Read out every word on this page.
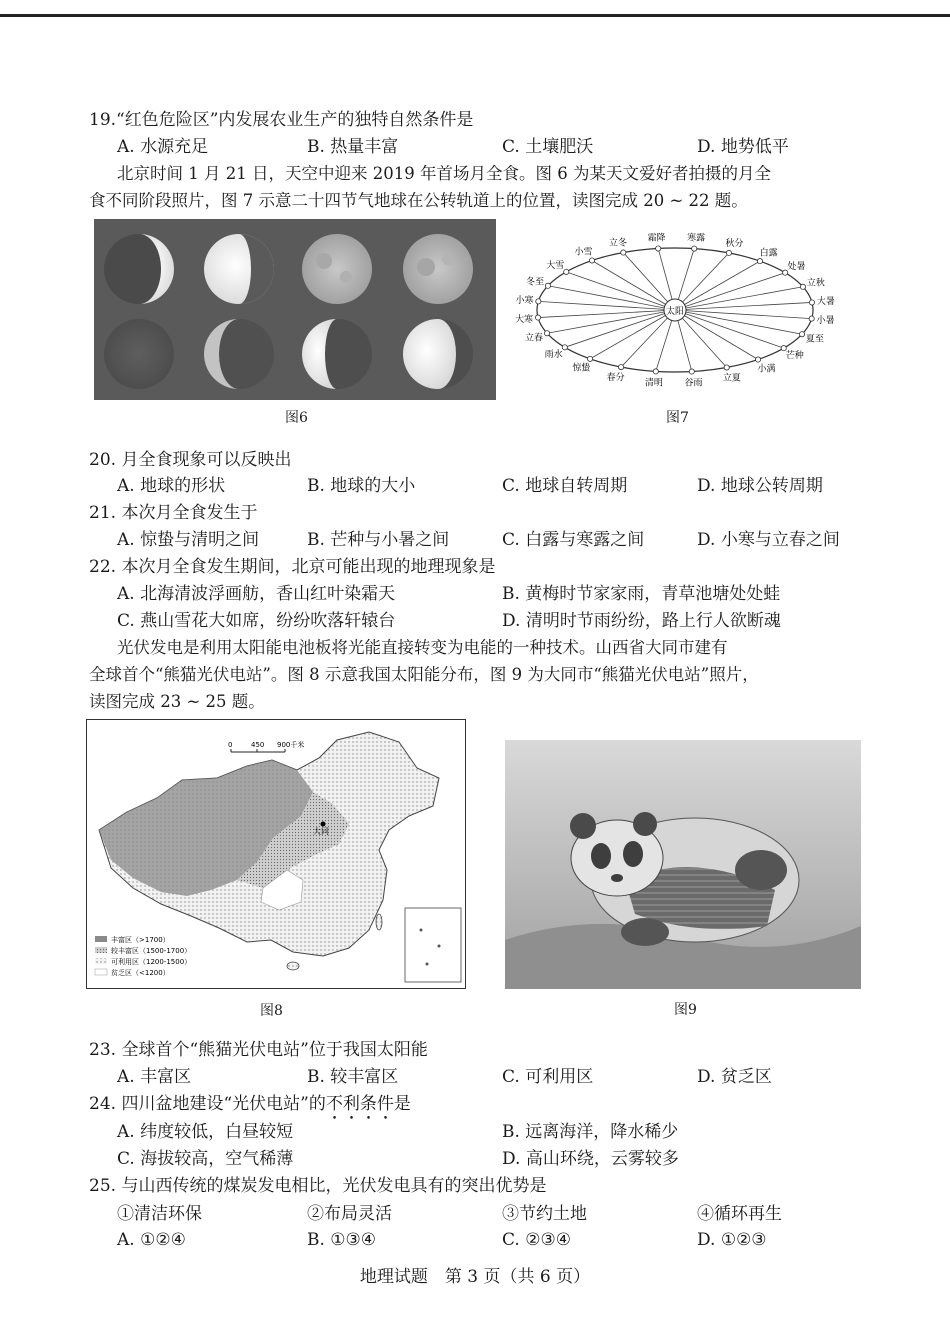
19.“红色危险区”内发展农业生产的独特自然条件是
A. 水源充足	B. 热量丰富	C. 土壤肥沃	D. 地势低平
北京时间 1 月 21 日，天空中迎来 2019 年首场月全食。图 6 为某天文爱好者拍摄的月全
食不同阶段照片，图 7 示意二十四节气地球在公转轨道上的位置，读图完成 20 ~ 22 题。
图6
太阳
立冬 霜降 寒露
秋分
白露
处暑
立秋
大暑
小暑
夏至
芒种
小满
立夏
谷雨
清明
春分
惊蛰
雨水
立春
大寒
小寒
冬至
大雪
小雪
图7
20. 月全食现象可以反映出
A. 地球的形状	B. 地球的大小	C. 地球自转周期	D. 地球公转周期
21. 本次月全食发生于
A. 惊蛰与清明之间	B. 芒种与小暑之间	C. 白露与寒露之间	D. 小寒与立春之间
22. 本次月全食发生期间，北京可能出现的地理现象是
A. 北海清波浮画舫，香山红叶染霜天	B. 黄梅时节家家雨，青草池塘处处蛙
C. 燕山雪花大如席，纷纷吹落轩辕台	D. 清明时节雨纷纷，路上行人欲断魂
光伏发电是利用太阳能电池板将光能直接转变为电能的一种技术。山西省大同市建有
全球首个“熊猫光伏电站”。图 8 示意我国太阳能分布，图 9 为大同市“熊猫光伏电站”照片，
读图完成 23 ~ 25 题。
大同
0	450 900千米
丰富区（>1700）
较丰富区（1500-1700）
可利用区（1200-1500）
贫乏区（<1200）
图8	图9
23. 全球首个“熊猫光伏电站”位于我国太阳能
A. 丰富区	B. 较丰富区	C. 可利用区	D. 贫乏区
24. 四川盆地建设“光伏电站”的不利条件是
A. 纬度较低，白昼较短	B. 远离海洋，降水稀少
C. 海拔较高，空气稀薄	D. 高山环绕，云雾较多
25. 与山西传统的煤炭发电相比，光伏发电具有的突出优势是
①清洁环保	②布局灵活	③节约土地	④循环再生
A. ①②④	B. ①③④	C. ②③④	D. ①②③
地理试题　第 3 页（共 6 页）
